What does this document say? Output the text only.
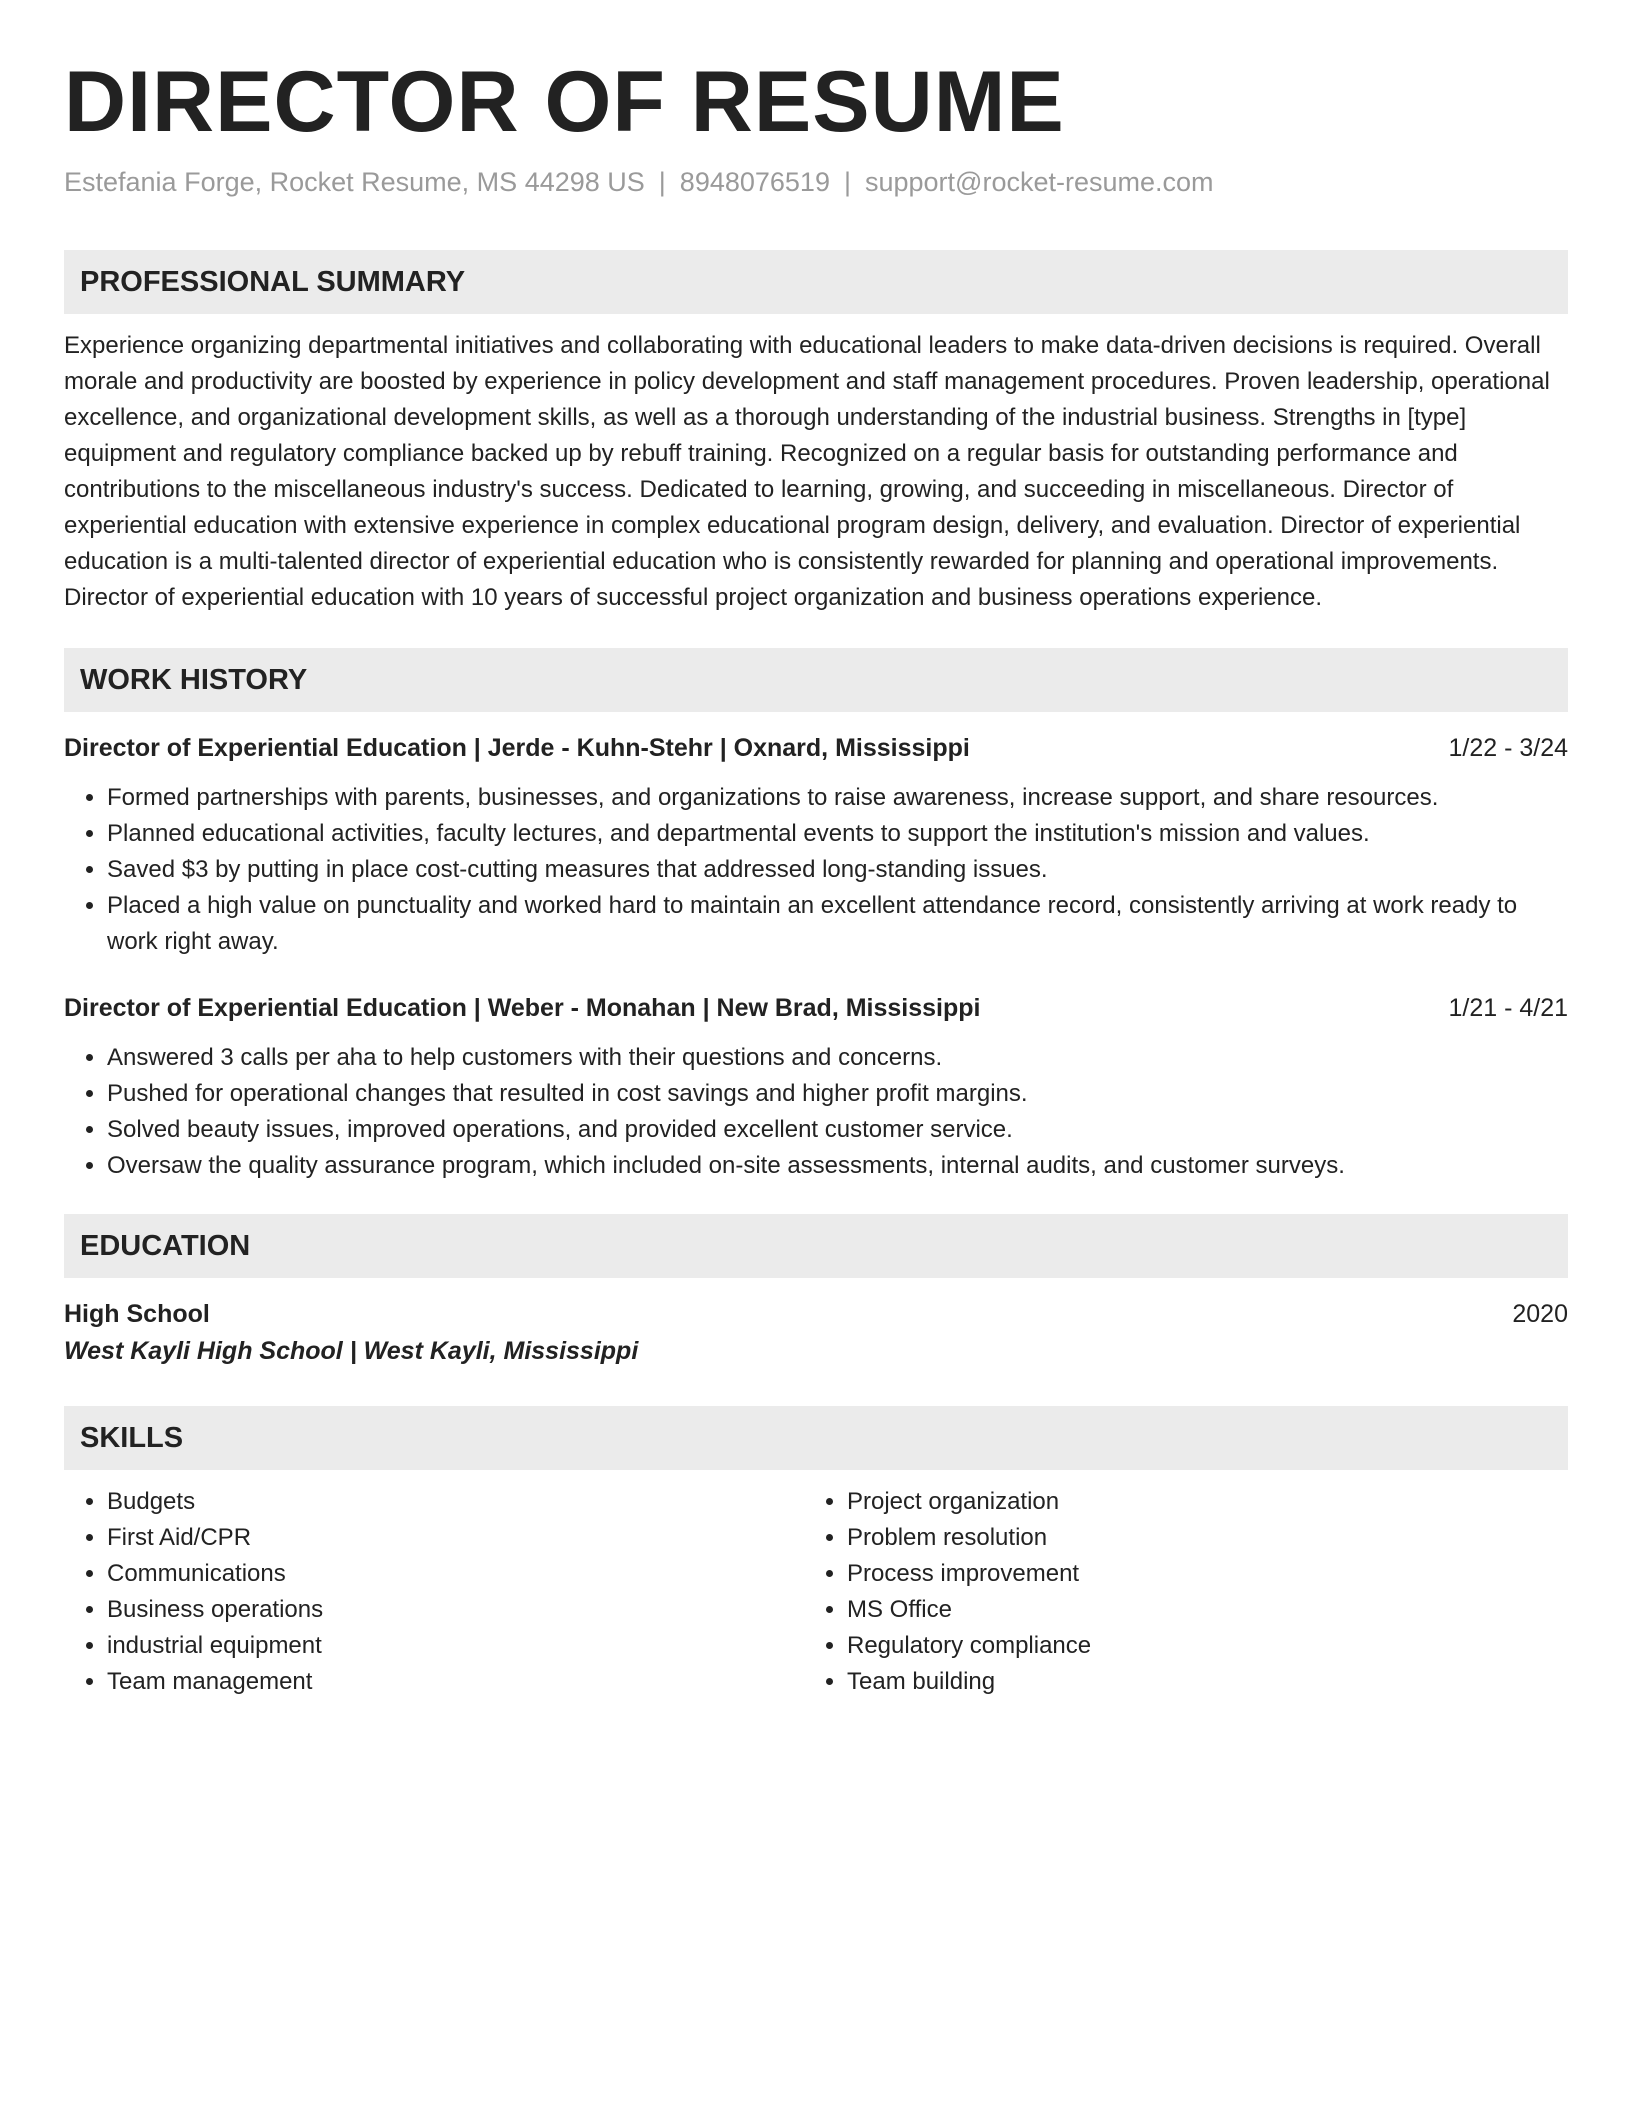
DIRECTOR OF RESUME
Estefania Forge, Rocket Resume, MS 44298 US | 8948076519 | support@rocket-resume.com
PROFESSIONAL SUMMARY
Experience organizing departmental initiatives and collaborating with educational leaders to make data-driven decisions is required. Overall morale and productivity are boosted by experience in policy development and staff management procedures. Proven leadership, operational excellence, and organizational development skills, as well as a thorough understanding of the industrial business. Strengths in [type] equipment and regulatory compliance backed up by rebuff training. Recognized on a regular basis for outstanding performance and contributions to the miscellaneous industry's success. Dedicated to learning, growing, and succeeding in miscellaneous. Director of experiential education with extensive experience in complex educational program design, delivery, and evaluation. Director of experiential education is a multi-talented director of experiential education who is consistently rewarded for planning and operational improvements. Director of experiential education with 10 years of successful project organization and business operations experience.
WORK HISTORY
Director of Experiential Education | Jerde - Kuhn-Stehr | Oxnard, Mississippi	1/22 - 3/24
• Formed partnerships with parents, businesses, and organizations to raise awareness, increase support, and share resources.
• Planned educational activities, faculty lectures, and departmental events to support the institution's mission and values.
• Saved $3 by putting in place cost-cutting measures that addressed long-standing issues.
• Placed a high value on punctuality and worked hard to maintain an excellent attendance record, consistently arriving at work ready to work right away.
Director of Experiential Education | Weber - Monahan | New Brad, Mississippi	1/21 - 4/21
• Answered 3 calls per aha to help customers with their questions and concerns.
• Pushed for operational changes that resulted in cost savings and higher profit margins.
• Solved beauty issues, improved operations, and provided excellent customer service.
• Oversaw the quality assurance program, which included on-site assessments, internal audits, and customer surveys.
EDUCATION
High School	2020
West Kayli High School | West Kayli, Mississippi
SKILLS
• Budgets
• First Aid/CPR
• Communications
• Business operations
• industrial equipment
• Team management
• Project organization
• Problem resolution
• Process improvement
• MS Office
• Regulatory compliance
• Team building
